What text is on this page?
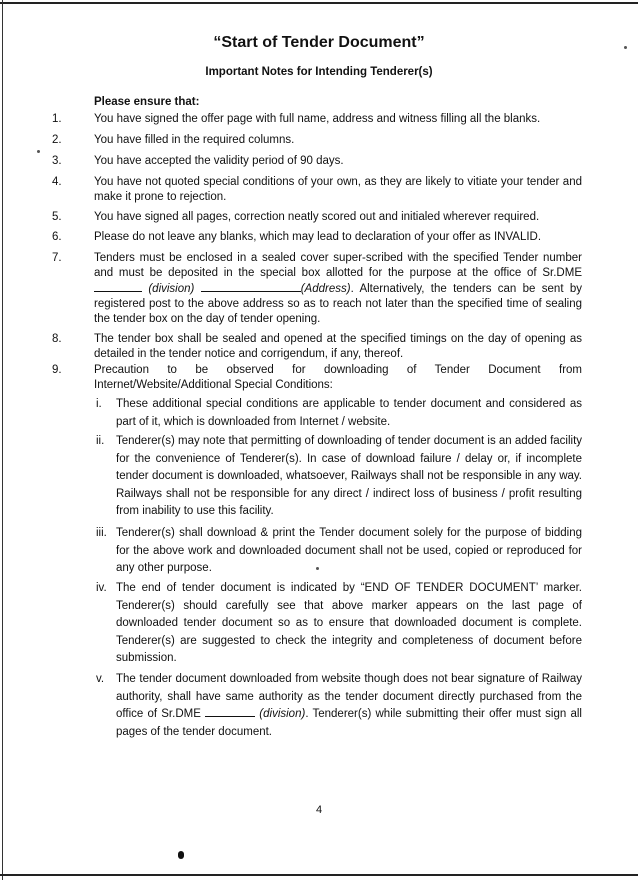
“Start of Tender Document”
Important Notes for Intending Tenderer(s)
Please ensure that:
1.	You have signed the offer page with full name, address and witness filling all the blanks.
2.	You have filled in the required columns.
3.	You have accepted the validity period of 90 days.
4.	You have not quoted special conditions of your own, as they are likely to vitiate your tender and make it prone to rejection.
5.	You have signed all pages, correction neatly scored out and initialed wherever required.
6.	Please do not leave any blanks, which may lead to declaration of your offer as INVALID.
7.	Tenders must be enclosed in a sealed cover super-scribed with the specified Tender number and must be deposited in the special box allotted for the purpose at the office of Sr.DME  (division)	(Address). Alternatively, the tenders can be sent by registered post to the above address so as to reach not later than the specified time of sealing the tender box on the day of tender opening.
8.	The tender box shall be sealed and opened at the specified timings on the day of opening as detailed in the tender notice and corrigendum, if any, thereof.
9.	Precaution to be observed for downloading of Tender Document from Internet/Website/Additional Special Conditions:
i. These additional special conditions are applicable to tender document and considered as part of it, which is downloaded from Internet / website.
ii. Tenderer(s) may note that permitting of downloading of tender document is an added facility for the convenience of Tenderer(s). In case of download failure / delay or, if incomplete tender document is downloaded, whatsoever, Railways shall not be responsible in any way. Railways shall not be responsible for any direct / indirect loss of business / profit resulting from inability to use this facility.
iii. Tenderer(s) shall download & print the Tender document solely for the purpose of bidding for the above work and downloaded document shall not be used, copied or reproduced for any other purpose.
iv. The end of tender document is indicated by “END OF TENDER DOCUMENT’ marker. Tenderer(s) should carefully see that above marker appears on the last page of downloaded tender document so as to ensure that downloaded document is complete. Tenderer(s) are suggested to check the integrity and completeness of document before submission.
v. The tender document downloaded from website though does not bear signature of Railway authority, shall have same authority as the tender document directly purchased from the office of Sr.DME	(division). Tenderer(s) while submitting their offer must sign all pages of the tender document.
4
